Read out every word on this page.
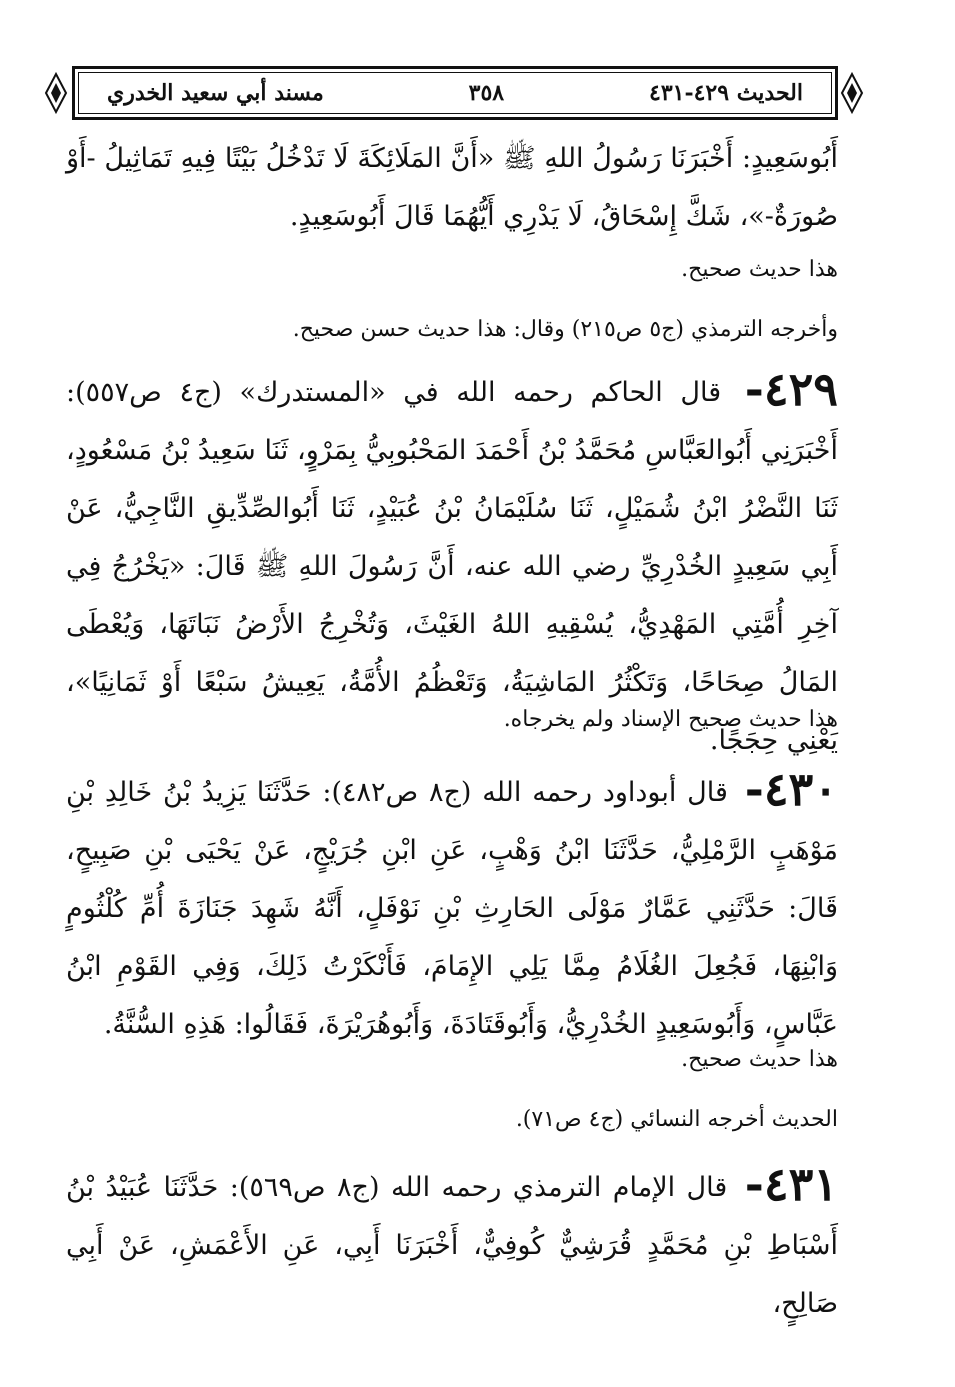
الحديث ٤٢٩-٤٣١
٣٥٨
مسند أبي سعيد الخدري

أَبُوسَعِيدٍ: أَخْبَرَنَا رَسُولُ اللهِ ﷺ «أَنَّ المَلَائِكَةَ لَا تَدْخُلُ بَيْتًا فِيهِ تَمَاثِيلُ -أَوْ صُورَةٌ-»، شَكَّ إِسْحَاقُ، لَا يَدْرِي أَيُّهُمَا قَالَ أَبُوسَعِيدٍ.

هذا حديث صحيح.

وأخرجه الترمذي (ج٥ ص٢١٥) وقال: هذا حديث حسن صحيح.

٤٢٩- قال الحاكم رحمه الله في «المستدرك» (ج٤ ص٥٥٧): أَخْبَرَنِي أَبُوالعَبَّاسِ مُحَمَّدُ بْنُ أَحْمَدَ المَحْبُوبِيُّ بِمَرْوٍ، ثَنَا سَعِيدُ بْنُ مَسْعُودٍ، ثَنَا النَّضْرُ ابْنُ شُمَيْلٍ، ثَنَا سُلَيْمَانُ بْنُ عُبَيْدٍ، ثَنَا أَبُوالصِّدِّيقِ النَّاجِيُّ، عَنْ أَبِي سَعِيدٍ الخُدْرِيِّ رضي الله عنه، أَنَّ رَسُولَ اللهِ ﷺ قَالَ: «يَخْرُجُ فِي آخِرِ أُمَّتِي المَهْدِيُّ، يُسْقِيهِ اللهُ الغَيْثَ، وَتُخْرِجُ الأَرْضُ نَبَاتَهَا، وَيُعْطَى المَالُ صِحَاحًا، وَتَكْثُرُ المَاشِيَةُ، وَتَعْظُمُ الأُمَّةُ، يَعِيشُ سَبْعًا أَوْ ثَمَانِيًا»، يَعْنِي حِجَجًا.

هذا حديث صحيح الإسناد ولم يخرجاه.

٤٣٠- قال أبوداود رحمه الله (ج٨ ص٤٨٢): حَدَّثَنَا يَزِيدُ بْنُ خَالِدِ بْنِ مَوْهَبٍ الرَّمْلِيُّ، حَدَّثَنَا ابْنُ وَهْبٍ، عَنِ ابْنِ جُرَيْجٍ، عَنْ يَحْيَى بْنِ صَبِيحٍ، قَالَ: حَدَّثَنِي عَمَّارٌ مَوْلَى الحَارِثِ بْنِ نَوْفَلٍ، أَنَّهُ شَهِدَ جَنَازَةَ أُمِّ كُلْثُومٍ وَابْنِهَا، فَجُعِلَ الغُلَامُ مِمَّا يَلِي الإِمَامَ، فَأَنْكَرْتُ ذَلِكَ، وَفِي القَوْمِ ابْنُ عَبَّاسٍ، وَأَبُوسَعِيدٍ الخُدْرِيُّ، وَأَبُوقَتَادَةَ، وَأَبُوهُرَيْرَةَ، فَقَالُوا: هَذِهِ السُّنَّةُ.

هذا حديث صحيح.

الحديث أخرجه النسائي (ج٤ ص٧١).

٤٣١- قال الإمام الترمذي رحمه الله (ج٨ ص٥٦٩): حَدَّثَنَا عُبَيْدُ بْنُ أَسْبَاطِ بْنِ مُحَمَّدٍ قُرَشِيٌّ كُوفِيٌّ، أَخْبَرَنَا أَبِي، عَنِ الأَعْمَشِ، عَنْ أَبِي صَالِحٍ،
